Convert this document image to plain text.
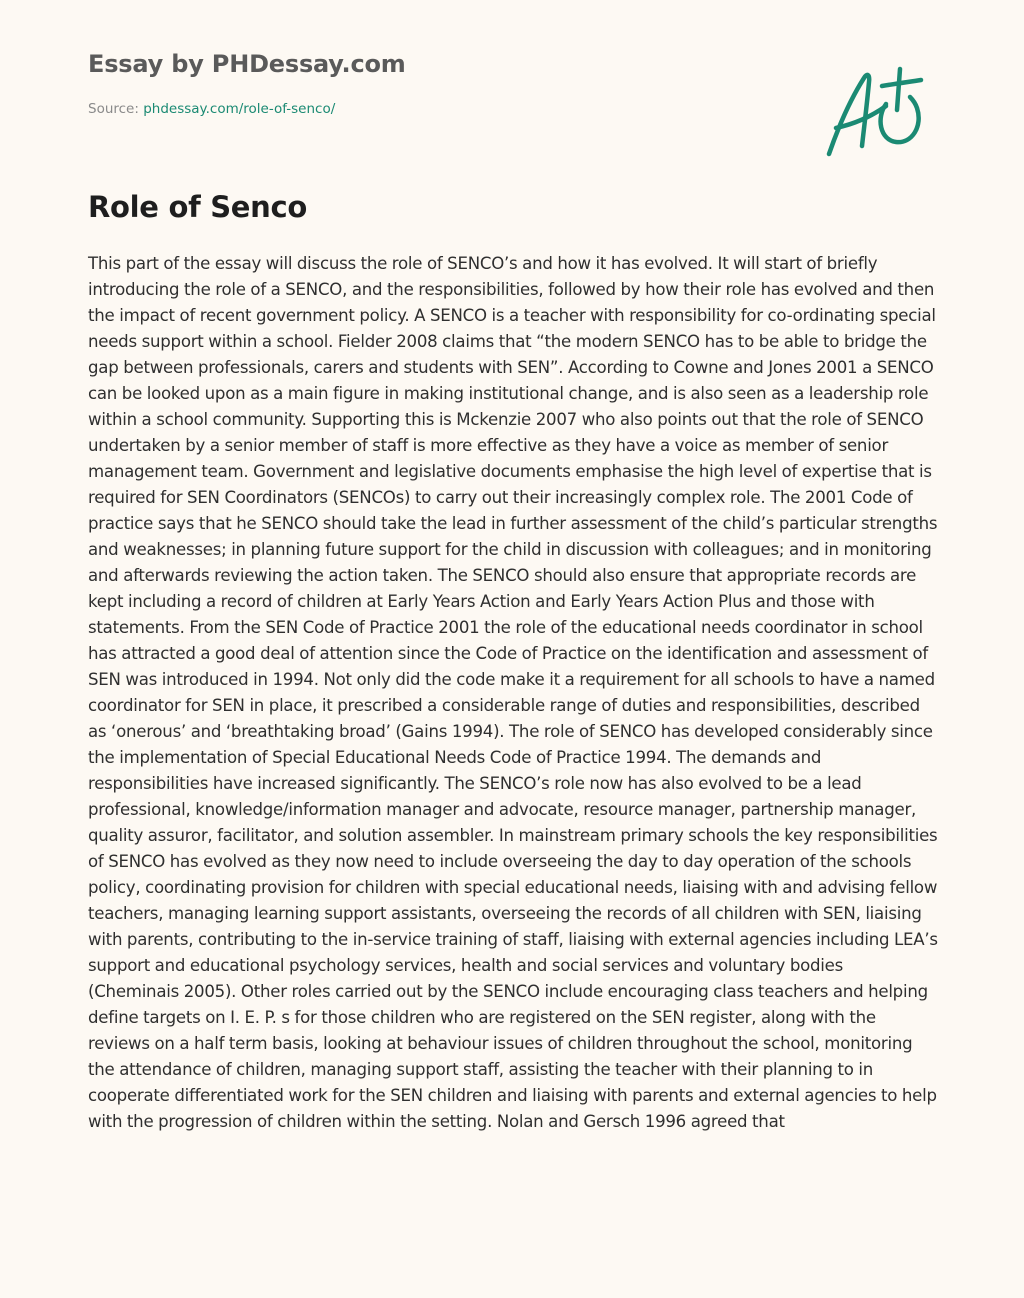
Essay by PHDessay.com
Source: phdessay.com/role-of-senco/
Role of Senco

This part of the essay will discuss the role of SENCO’s and how it has evolved. It will start of briefly introducing the role of a SENCO, and the responsibilities, followed by how their role has evolved and then the impact of recent government policy. A SENCO is a teacher with responsibility for co-ordinating special needs support within a school. Fielder 2008 claims that “the modern SENCO has to be able to bridge the gap between professionals, carers and students with SEN”. According to Cowne and Jones 2001 a SENCO can be looked upon as a main figure in making institutional change, and is also seen as a leadership role within a school community. Supporting this is Mckenzie 2007 who also points out that the role of SENCO undertaken by a senior member of staff is more effective as they have a voice as member of senior management team. Government and legislative documents emphasise the high level of expertise that is required for SEN Coordinators (SENCOs) to carry out their increasingly complex role. The 2001 Code of practice says that he SENCO should take the lead in further assessment of the child’s particular strengths and weaknesses; in planning future support for the child in discussion with colleagues; and in monitoring and afterwards reviewing the action taken. The SENCO should also ensure that appropriate records are kept including a record of children at Early Years Action and Early Years Action Plus and those with statements. From the SEN Code of Practice 2001 the role of the educational needs coordinator in school has attracted a good deal of attention since the Code of Practice on the identification and assessment of SEN was introduced in 1994. Not only did the code make it a requirement for all schools to have a named coordinator for SEN in place, it prescribed a considerable range of duties and responsibilities, described as ‘onerous’ and ‘breathtaking broad’ (Gains 1994). The role of SENCO has developed considerably since the implementation of Special Educational Needs Code of Practice 1994. The demands and responsibilities have increased significantly. The SENCO’s role now has also evolved to be a lead professional, knowledge/information manager and advocate, resource manager, partnership manager, quality assuror, facilitator, and solution assembler. In mainstream primary schools the key responsibilities of SENCO has evolved as they now need to include overseeing the day to day operation of the schools policy, coordinating provision for children with special educational needs, liaising with and advising fellow teachers, managing learning support assistants, overseeing the records of all children with SEN, liaising with parents, contributing to the in-service training of staff, liaising with external agencies including LEA’s support and educational psychology services, health and social services and voluntary bodies (Cheminais 2005). Other roles carried out by the SENCO include encouraging class teachers and helping define targets on I. E. P. s for those children who are registered on the SEN register, along with the reviews on a half term basis, looking at behaviour issues of children throughout the school, monitoring the attendance of children, managing support staff, assisting the teacher with their planning to in cooperate differentiated work for the SEN children and liaising with parents and external agencies to help with the progression of children within the setting. Nolan and Gersch 1996 agreed that
